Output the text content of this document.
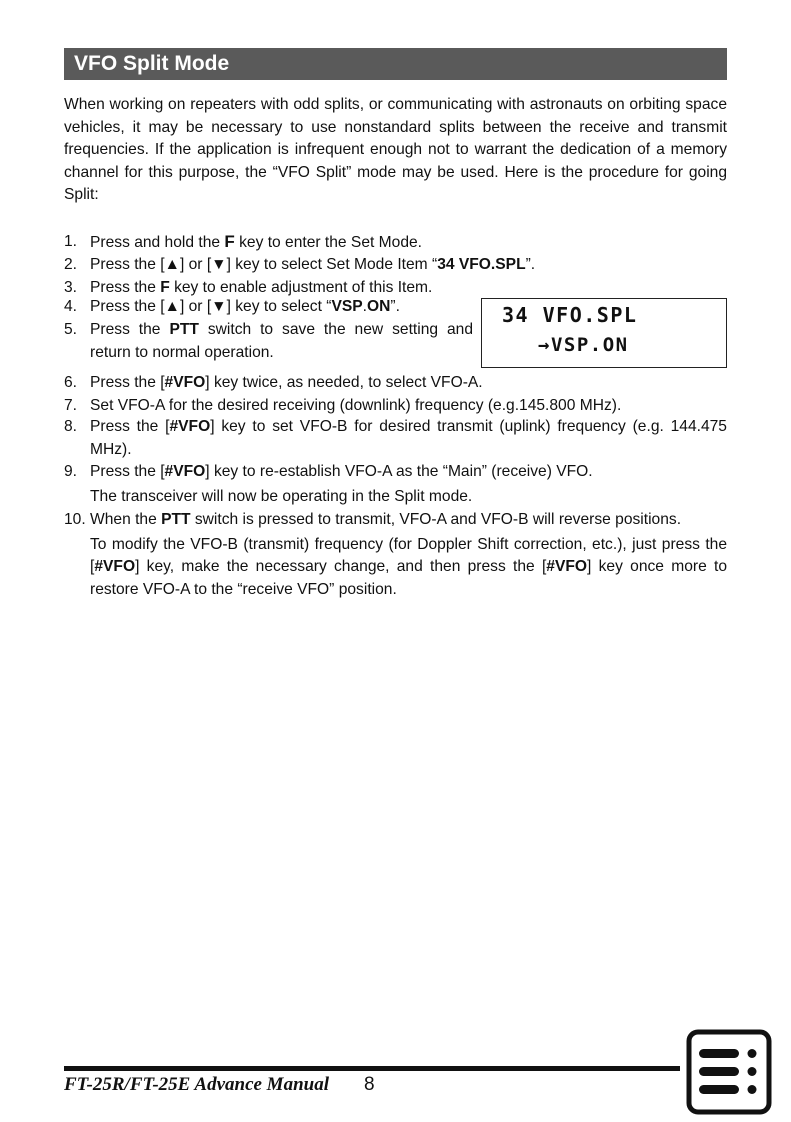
VFO Split Mode

When working on repeaters with odd splits, or communicating with astronauts on orbiting space vehicles, it may be necessary to use nonstandard splits between the receive and transmit frequencies. If the application is infrequent enough not to warrant the dedication of a memory channel for this purpose, the “VFO Split” mode may be used. Here is the procedure for going Split:

1. Press and hold the F key to enter the Set Mode.
2. Press the [▲] or [▼] key to select Set Mode Item “34 VFO.SPL”.
3. Press the F key to enable adjustment of this Item.
4. Press the [▲] or [▼] key to select “VSP.ON”.
5. Press the PTT switch to save the new setting and return to normal operation.
34 VFO.SPL
→VSP.ON
6. Press the [#VFO] key twice, as needed, to select VFO-A.
7. Set VFO-A for the desired receiving (downlink) frequency (e.g.145.800 MHz).
8. Press the [#VFO] key to set VFO-B for desired transmit (uplink) frequency (e.g. 144.475 MHz).
9. Press the [#VFO] key to re-establish VFO-A as the “Main” (receive) VFO.
The transceiver will now be operating in the Split mode.
10. When the PTT switch is pressed to transmit, VFO-A and VFO-B will reverse positions.
To modify the VFO-B (transmit) frequency (for Doppler Shift correction, etc.), just press the [#VFO] key, make the necessary change, and then press the [#VFO] key once more to restore VFO-A to the “receive VFO” position.
FT-25R/FT-25E Advance Manual 8
